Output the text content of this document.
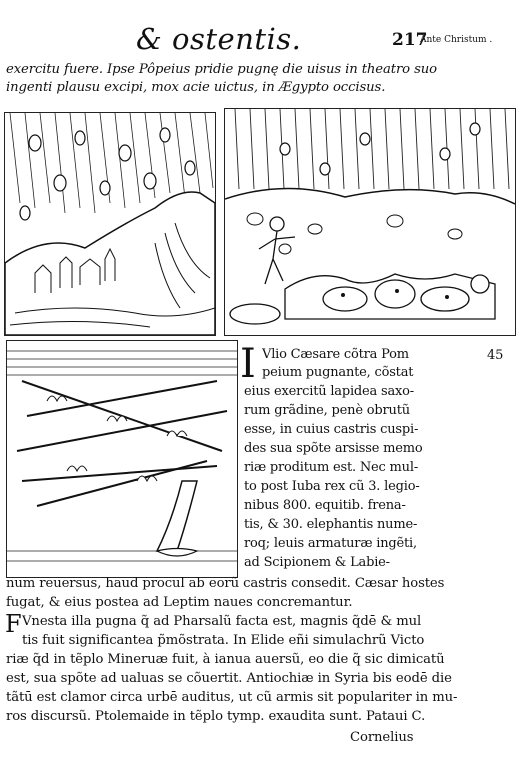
& ostentis.	217
Ante Christum .
exercitu fuere. Ipse Pôpeius pridie pugnę die uisus in theatro suo
ingenti plausu excipi, mox acie uictus, in Ægypto occisus.
45
I Vlio Cæsare cõtra Pom
peium pugnante, cõstat
eius exercitũ lapidea saxo-
rum grãdine, penè obrutũ
esse, in cuius castris cuspi-
des sua spõte arsisse memo
riæ proditum est. Nec mul-
to post Iuba rex cũ 3. legio-
nibus 800. equitib. frena-
tis, & 30. elephantis nume-
roq; leuis armaturæ ingẽti,
ad Scipionem & Labie-
num reuersus, haud procul ab eorũ castris consedit. Cæsar hostes
fugat, & eius postea ad Leptim naues concremantur.
F Vnesta illa pugna q̃ ad Pharsalũ facta est, magnis q̃dē & mul
tis fuit significantea p̃mõstrata. In Elide eñi simulachrũ Victo
riæ q̃d in tẽplo Mineruæ fuit, à ianua auersũ, eo die q̃ sic dimicatũ
est, sua spõte ad ualuas se cõuertit. Antiochiæ in Syria bis eodē die
tãtū est clamor circa urbē auditus, ut cũ armis sit populariter in mu-
ros discursũ. Ptolemaide in tẽplo tymp. exaudita sunt. Pataui C.
Cornelius
